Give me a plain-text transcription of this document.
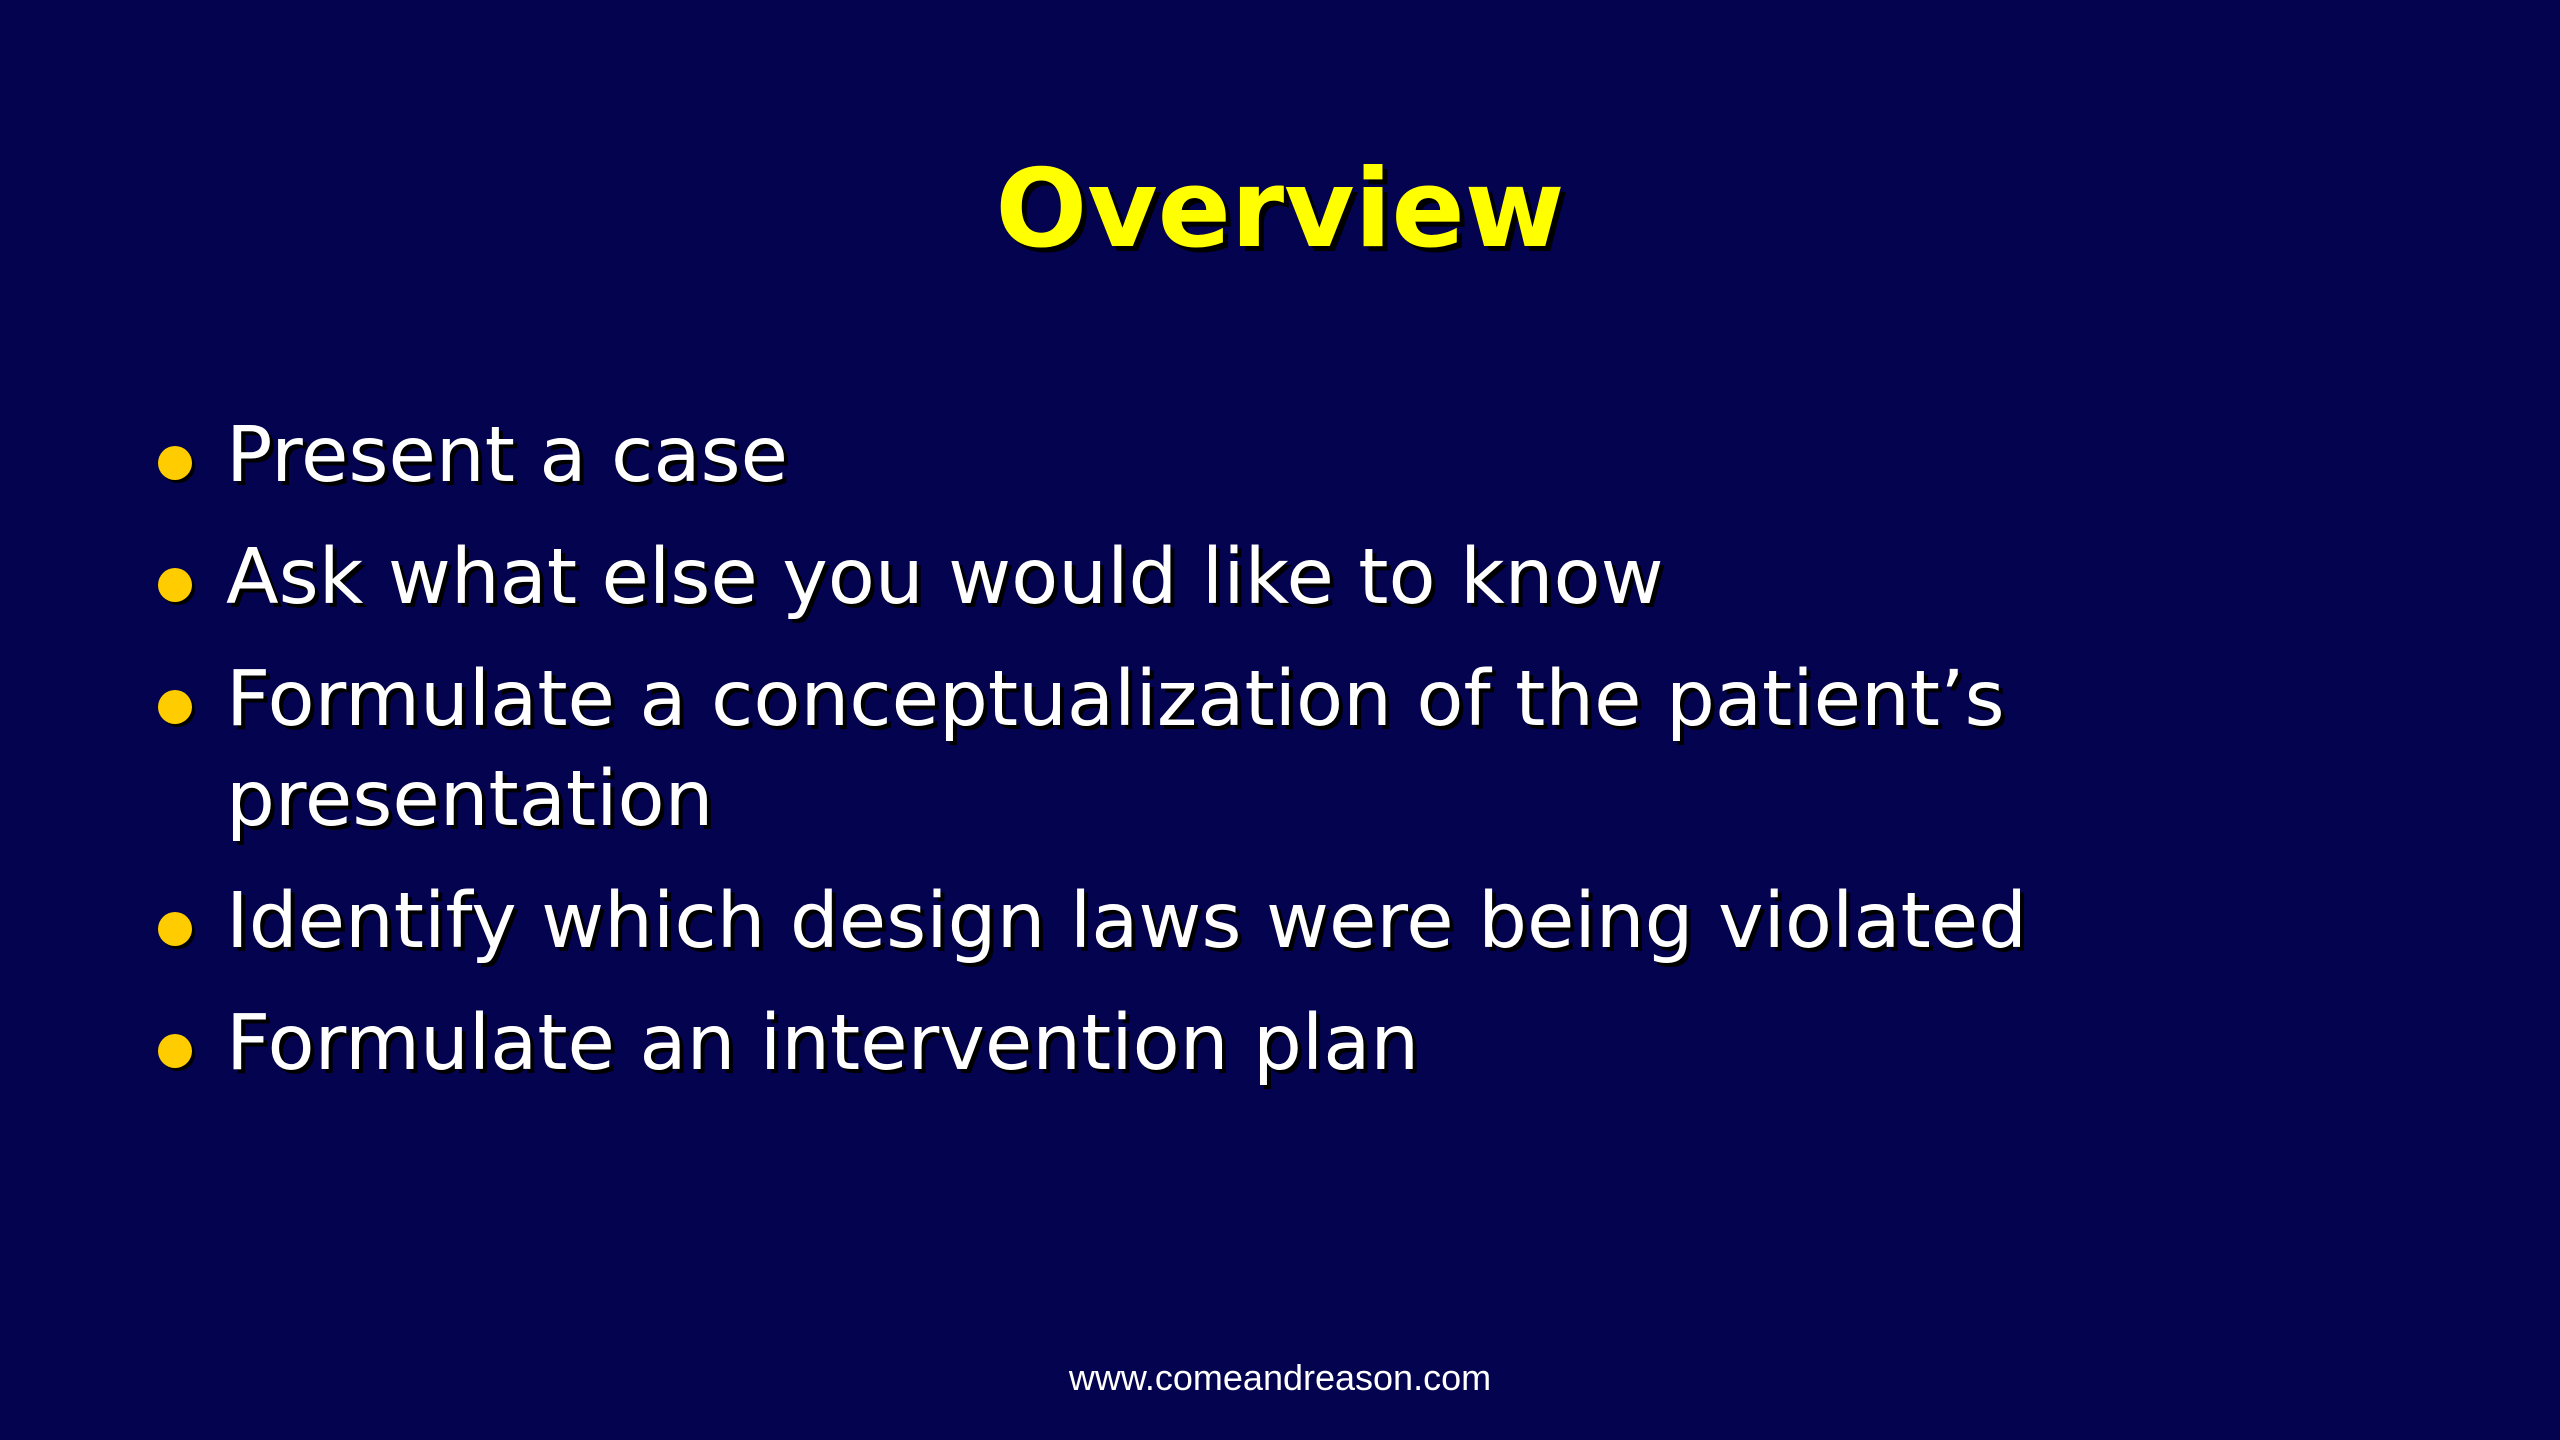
Overview
Present a case
Ask what else you would like to know
Formulate a conceptualization of the patient’s presentation
Identify which design laws were being violated
Formulate an intervention plan
www.comeandreason.com
